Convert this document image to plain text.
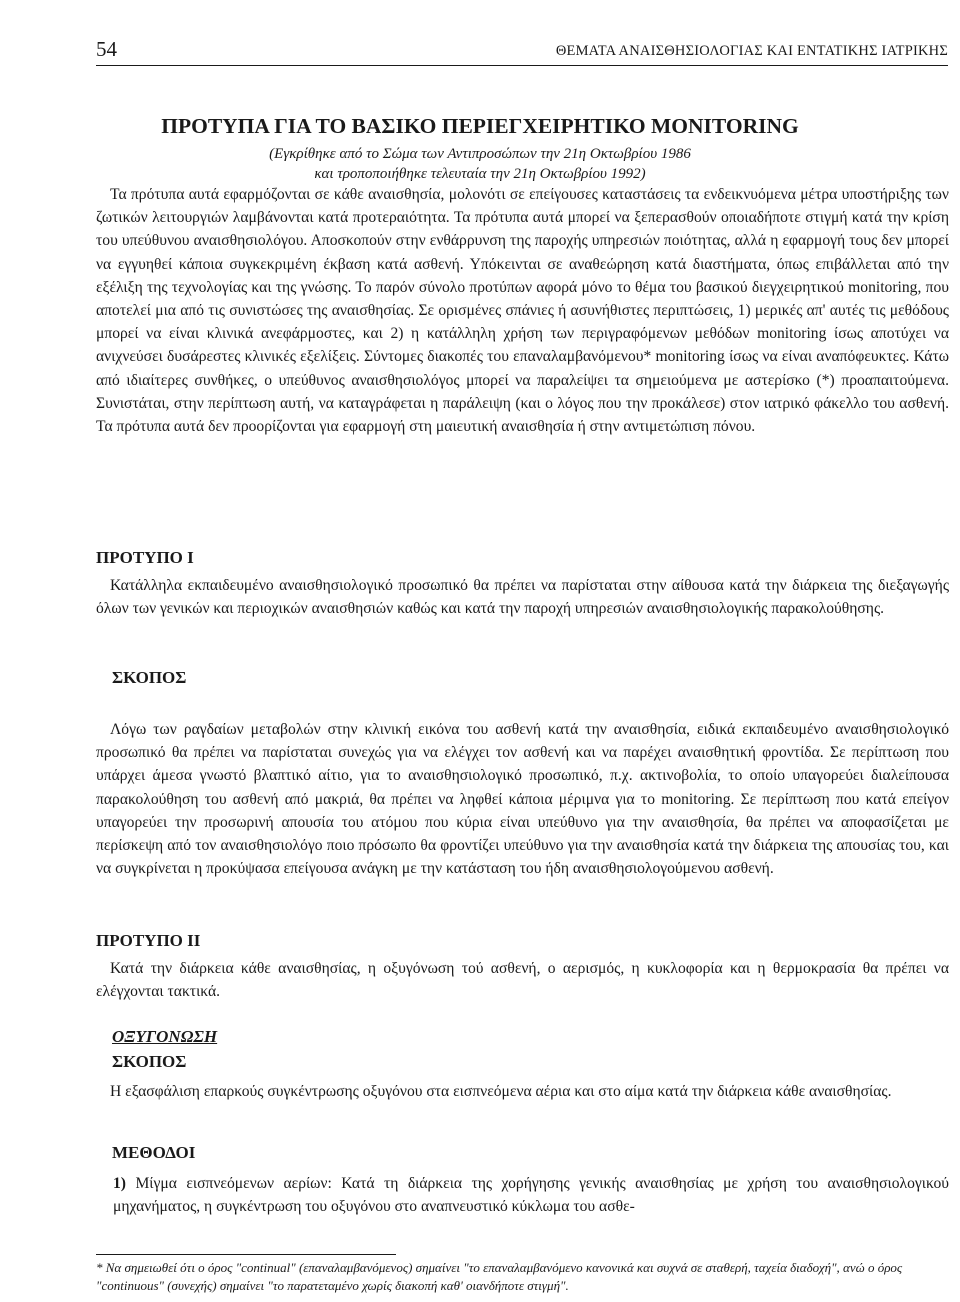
54	ΘΕΜΑΤΑ ΑΝΑΙΣΘΗΣΙΟΛΟΓΙΑΣ ΚΑΙ ΕΝΤΑΤΙΚΗΣ ΙΑΤΡΙΚΗΣ
ΠΡΟΤΥΠΑ ΓΙΑ ΤΟ ΒΑΣΙΚΟ ΠΕΡΙΕΓΧΕΙΡΗΤΙΚΟ MONITORING
(Εγκρίθηκε από το Σώμα των Αντιπροσώπων την 21η Οκτωβρίου 1986
και τροποποιήθηκε τελευταία την 21η Οκτωβρίου 1992)

Τα πρότυπα αυτά εφαρμόζονται σε κάθε αναισθησία, μολονότι σε επείγουσες καταστάσεις τα ενδεικνυόμενα μέτρα υποστήριξης των ζωτικών λειτουργιών λαμβάνονται κατά προτεραιότητα. Τα πρότυπα αυτά μπορεί να ξεπερασθούν οποιαδήποτε στιγμή κατά την κρίση του υπεύθυνου αναισθησιολόγου. Αποσκοπούν στην ενθάρρυνση της παροχής υπηρεσιών ποιότητας, αλλά η εφαρμογή τους δεν μπορεί να εγγυηθεί κάποια συγκεκριμένη έκβαση κατά ασθενή. Υπόκεινται σε αναθεώρηση κατά διαστήματα, όπως επιβάλλεται από την εξέλιξη της τεχνολογίας και της γνώσης. Το παρόν σύνολο προτύπων αφορά μόνο το θέμα του βασικού διεγχειρητικού monitoring, που αποτελεί μια από τις συνιστώσες της αναισθησίας. Σε ορισμένες σπάνιες ή ασυνήθιστες περιπτώσεις, 1) μερικές απ' αυτές τις μεθόδους μπορεί να είναι κλινικά ανεφάρμοστες, και 2) η κατάλληλη χρήση των περιγραφόμενων μεθόδων monitoring ίσως αποτύχει να ανιχνεύσει δυσάρεστες κλινικές εξελίξεις. Σύντομες διακοπές του επαναλαμβανόμενου* monitoring ίσως να είναι αναπόφευκτες. Κάτω από ιδιαίτερες συνθήκες, ο υπεύθυνος αναισθησιολόγος μπορεί να παραλείψει τα σημειούμενα με αστερίσκο (*) προαπαιτούμενα. Συνιστάται, στην περίπτωση αυτή, να καταγράφεται η παράλειψη (και ο λόγος που την προκάλεσε) στον ιατρικό φάκελλο του ασθενή. Τα πρότυπα αυτά δεν προορίζονται για εφαρμογή στη μαιευτική αναισθησία ή στην αντιμετώπιση πόνου.

ΠΡΟΤΥΠΟ Ι

Κατάλληλα εκπαιδευμένο αναισθησιολογικό προσωπικό θα πρέπει να παρίσταται στην αίθουσα κατά την διάρκεια της διεξαγωγής όλων των γενικών και περιοχικών αναισθησιών καθώς και κατά την παροχή υπηρεσιών αναισθησιολογικής παρακολούθησης.

ΣΚΟΠΟΣ

Λόγω των ραγδαίων μεταβολών στην κλινική εικόνα του ασθενή κατά την αναισθησία, ειδικά εκπαιδευμένο αναισθησιολογικό προσωπικό θα πρέπει να παρίσταται συνεχώς για να ελέγχει τον ασθενή και να παρέχει αναισθητική φροντίδα. Σε περίπτωση που υπάρχει άμεσα γνωστό βλαπτικό αίτιο, για το αναισθησιολογικό προσωπικό, π.χ. ακτινοβολία, το οποίο υπαγορεύει διαλείπουσα παρακολούθηση του ασθενή από μακριά, θα πρέπει να ληφθεί κάποια μέριμνα για το monitoring. Σε περίπτωση που κατά επείγον υπαγορεύει την προσωρινή απουσία του ατόμου που κύρια είναι υπεύθυνο για την αναισθησία, θα πρέπει να αποφασίζεται με περίσκεψη από τον αναισθησιολόγο ποιο πρόσωπο θα φροντίζει υπεύθυνο για την αναισθησία κατά την διάρκεια της απουσίας του, και να συγκρίνεται η προκύψασα επείγουσα ανάγκη με την κατάσταση του ήδη αναισθησιολογούμενου ασθενή.

ΠΡΟΤΥΠΟ ΙΙ

Κατά την διάρκεια κάθε αναισθησίας, η οξυγόνωση τού ασθενή, ο αερισμός, η κυκλοφορία και η θερμοκρασία θα πρέπει να ελέγχονται τακτικά.

ΟΞΥΓΟΝΩΣΗ
ΣΚΟΠΟΣ

Η εξασφάλιση επαρκούς συγκέντρωσης οξυγόνου στα εισπνεόμενα αέρια και στο αίμα κατά την διάρκεια κάθε αναισθησίας.

ΜΕΘΟΔΟΙ

1) Μίγμα εισπνεόμενων αερίων: Κατά τη διάρκεια της χορήγησης γενικής αναισθησίας με χρήση του αναισθησιολογικού μηχανήματος, η συγκέντρωση του οξυγόνου στο αναπνευστικό κύκλωμα του ασθε-

* Να σημειωθεί ότι ο όρος "continual" (επαναλαμβανόμενος) σημαίνει "το επαναλαμβανόμενο κανονικά και συχνά σε σταθερή, ταχεία διαδοχή", ανώ ο όρος "continuous" (συνεχής) σημαίνει "το παρατεταμένο χωρίς διακοπή καθ' οιανδήποτε στιγμή".
